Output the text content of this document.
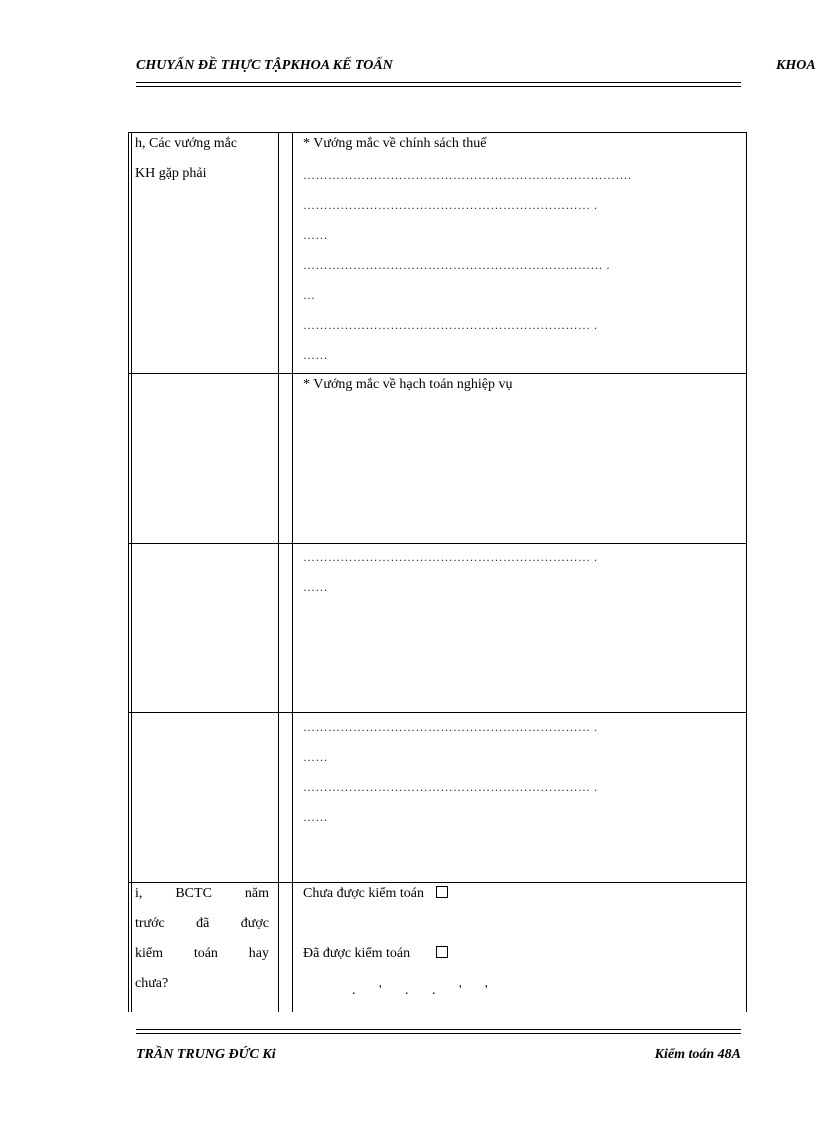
CHUYẤN ĐỀ THỰC TẬPKHOA KẾ TOẤN	KHOA
h, Các vướng mắc
KH gặp phải
* Vướng mắc về chính sách thuế
…………………………………………………………………….
…………………………………………………………… .
……
……………………………………………………………… .
…
…………………………………………………………… .
……
* Vướng mắc về hạch toán nghiệp vụ
…………………………………………………………… .
……
…………………………………………………………… .
……
…………………………………………………………… .
……
i, BCTC năm
trước đã được
kiểm toán hay
chưa?
Chưa được kiểm toán
Đã được kiểm toán
. ' . . ' '
TRẦN TRUNG ĐỨC Ki	Kiểm toán 48A
